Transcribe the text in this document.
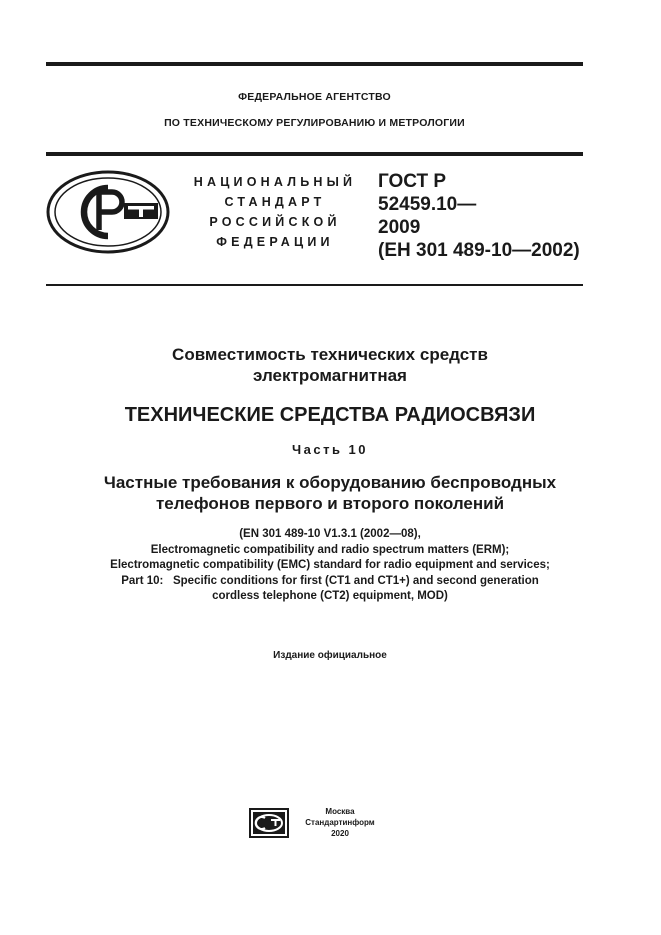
ФЕДЕРАЛЬНОЕ АГЕНТСТВО
ПО ТЕХНИЧЕСКОМУ РЕГУЛИРОВАНИЮ И МЕТРОЛОГИИ
НАЦИОНАЛЬНЫЙ
СТАНДАРТ
РОССИЙСКОЙ
ФЕДЕРАЦИИ
ГОСТ Р
52459.10—
2009
(ЕН 301 489-10—2002)
Совместимость технических средств
электромагнитная
ТЕХНИЧЕСКИЕ СРЕДСТВА РАДИОСВЯЗИ
Часть 10
Частные требования к оборудованию беспроводных
телефонов первого и второго поколений
(EN 301 489-10 V1.3.1 (2002—08),
Electromagnetic compatibility and radio spectrum matters (ERM);
Electromagnetic compatibility (EMC) standard for radio equipment and services;
Part 10:   Specific conditions for first (CT1 and CT1+) and second generation
cordless telephone (CT2) equipment, MOD)
Издание официальное
Москва
Стандартинформ
2020
